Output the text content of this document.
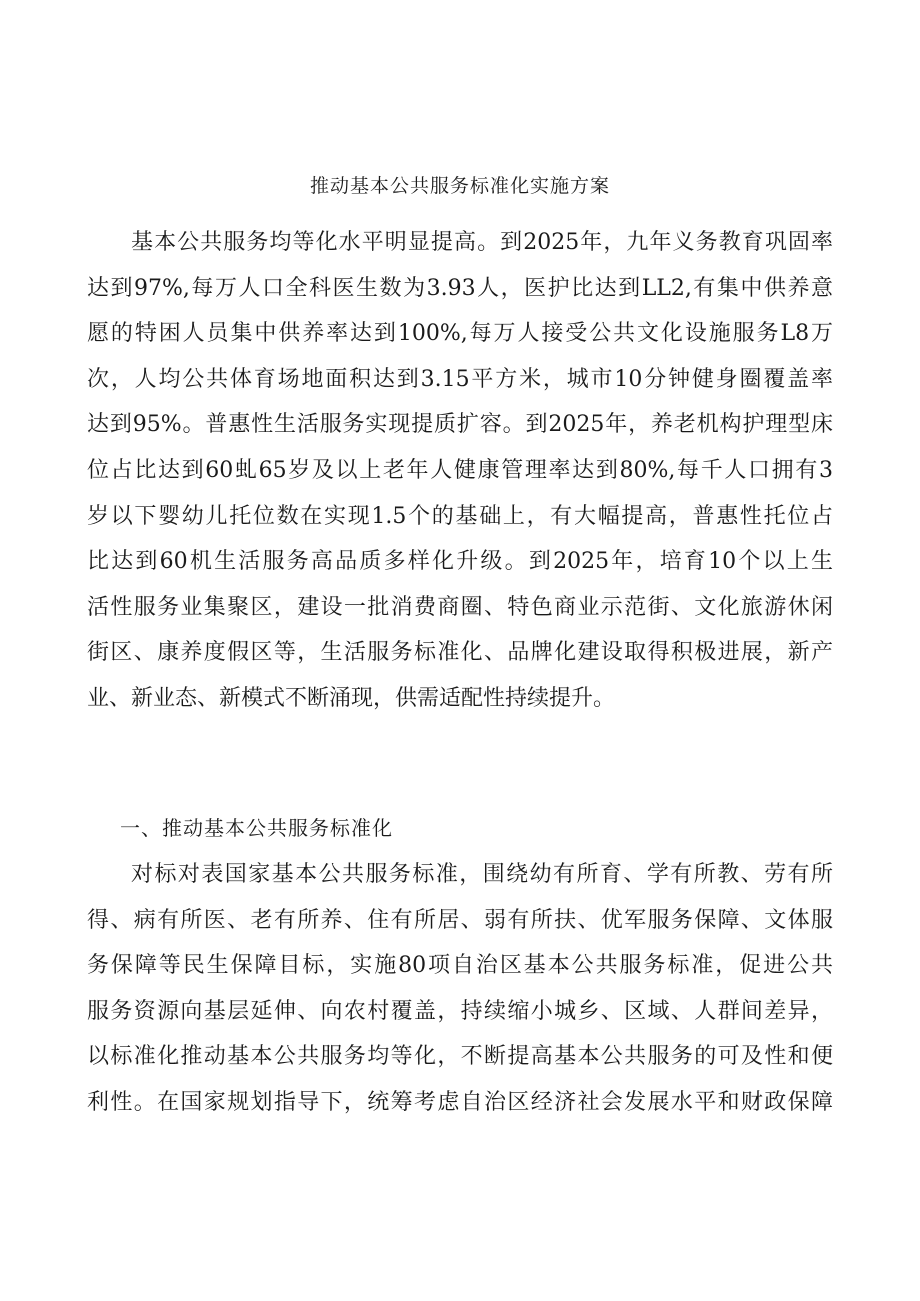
推动基本公共服务标准化实施方案
基本公共服务均等化水平明显提高。到2025年，九年义务教育巩固率
达到97%,每万人口全科医生数为3.93人，医护比达到LL2,有集中供养意
愿的特困人员集中供养率达到100%,每万人接受公共文化设施服务L8万
次，人均公共体育场地面积达到3.15平方米，城市10分钟健身圈覆盖率
达到95%。普惠性生活服务实现提质扩容。到2025年，养老机构护理型床
位占比达到60虬65岁及以上老年人健康管理率达到80%,每千人口拥有3
岁以下婴幼儿托位数在实现1.5个的基础上，有大幅提高，普惠性托位占
比达到60机生活服务高品质多样化升级。到2025年，培育10个以上生
活性服务业集聚区，建设一批消费商圈、特色商业示范街、文化旅游休闲
街区、康养度假区等，生活服务标准化、品牌化建设取得积极进展，新产
业、新业态、新模式不断涌现，供需适配性持续提升。
一、推动基本公共服务标准化
对标对表国家基本公共服务标准，围绕幼有所育、学有所教、劳有所
得、病有所医、老有所养、住有所居、弱有所扶、优军服务保障、文体服
务保障等民生保障目标，实施80项自治区基本公共服务标准，促进公共
服务资源向基层延伸、向农村覆盖，持续缩小城乡、区域、人群间差异，
以标准化推动基本公共服务均等化，不断提高基本公共服务的可及性和便
利性。在国家规划指导下，统筹考虑自治区经济社会发展水平和财政保障
